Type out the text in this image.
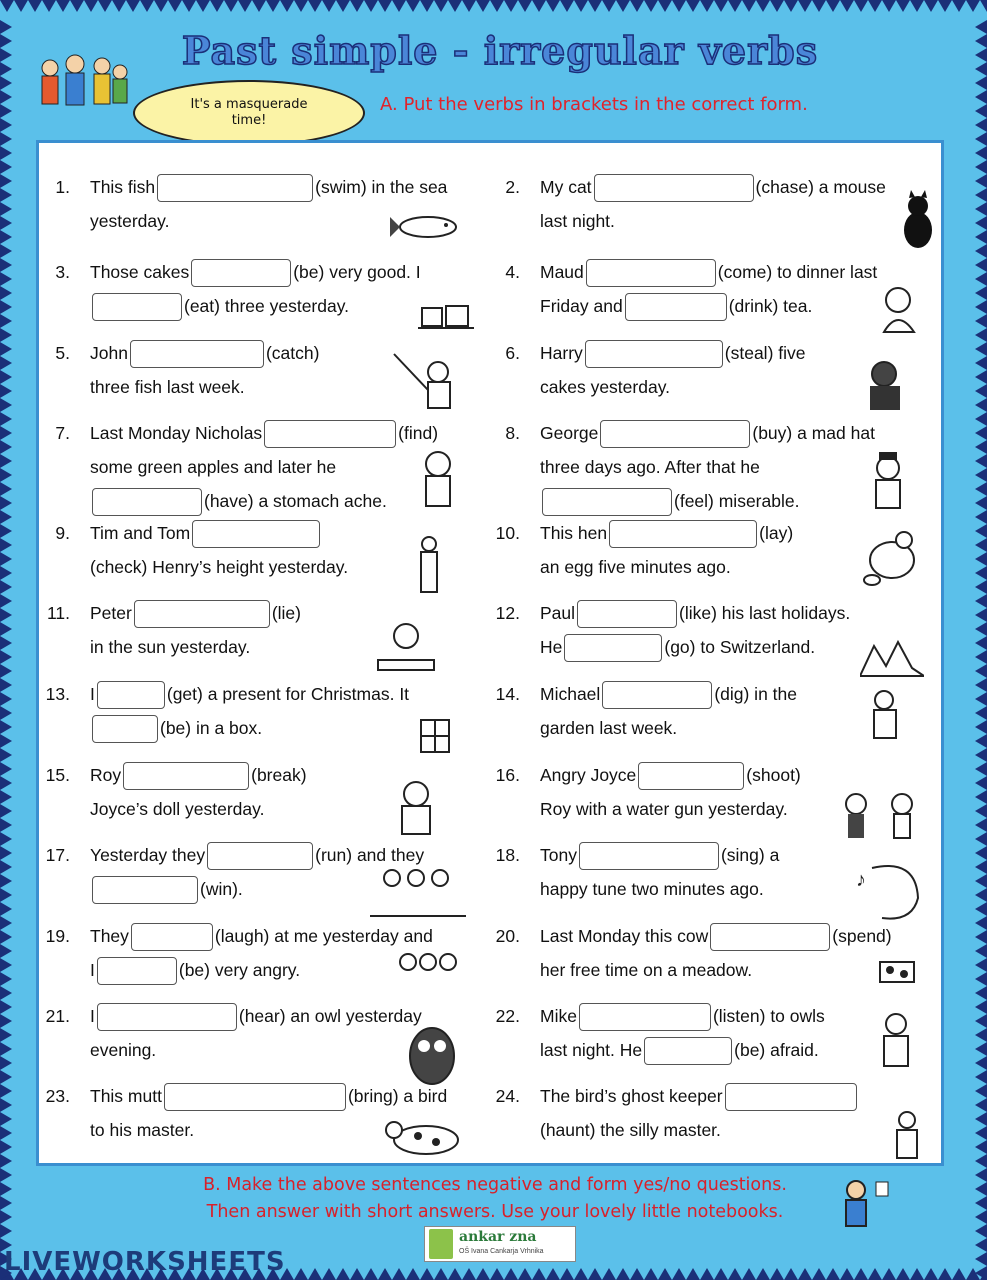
Past simple - irregular verbs
It's a masquerade time!
A. Put the verbs in brackets in the correct form.
1. This fish	(swim) in the sea
yesterday.
2. My cat	(chase) a mouse
last night.
3. Those cakes	(be) very good. I
(eat) three yesterday.
4. Maud	(come) to dinner last
Friday and	(drink) tea.
5. John	(catch)
three fish last week.
6. Harry	(steal) five
cakes yesterday.
7. Last Monday Nicholas	(find)
some green apples and later he
(have) a stomach ache.
8. George	(buy) a mad hat
three days ago. After that he
(feel) miserable.
9. Tim and Tom
(check) Henry’s height yesterday.
10. This hen	(lay)
an egg five minutes ago.
11. Peter	(lie)
in the sun yesterday.
12. Paul	(like) his last holidays.
He	(go) to Switzerland.
13. I	(get) a present for Christmas. It
(be) in a box.
14. Michael	(dig) in the
garden last week.
15. Roy	(break)
Joyce’s doll yesterday.
16. Angry Joyce	(shoot)
Roy with a water gun yesterday.
17. Yesterday they	(run) and they
(win).
18. Tony	(sing) a
happy tune two minutes ago.
19. They	(laugh) at me yesterday and
I	(be) very angry.
20. Last Monday this cow	(spend)
her free time on a meadow.
21. I	(hear) an owl yesterday
evening.
22. Mike	(listen) to owls
last night. He	(be) afraid.
23. This mutt	(bring) a bird
to his master.
24. The bird’s ghost keeper
(haunt) the silly master.
♪
B. Make the above sentences negative and form yes/no questions.
Then answer with short answers. Use your lovely little notebooks.
ankar zna
OŠ Ivana Cankarja Vrhnika
LIVEWORKSHEETS
